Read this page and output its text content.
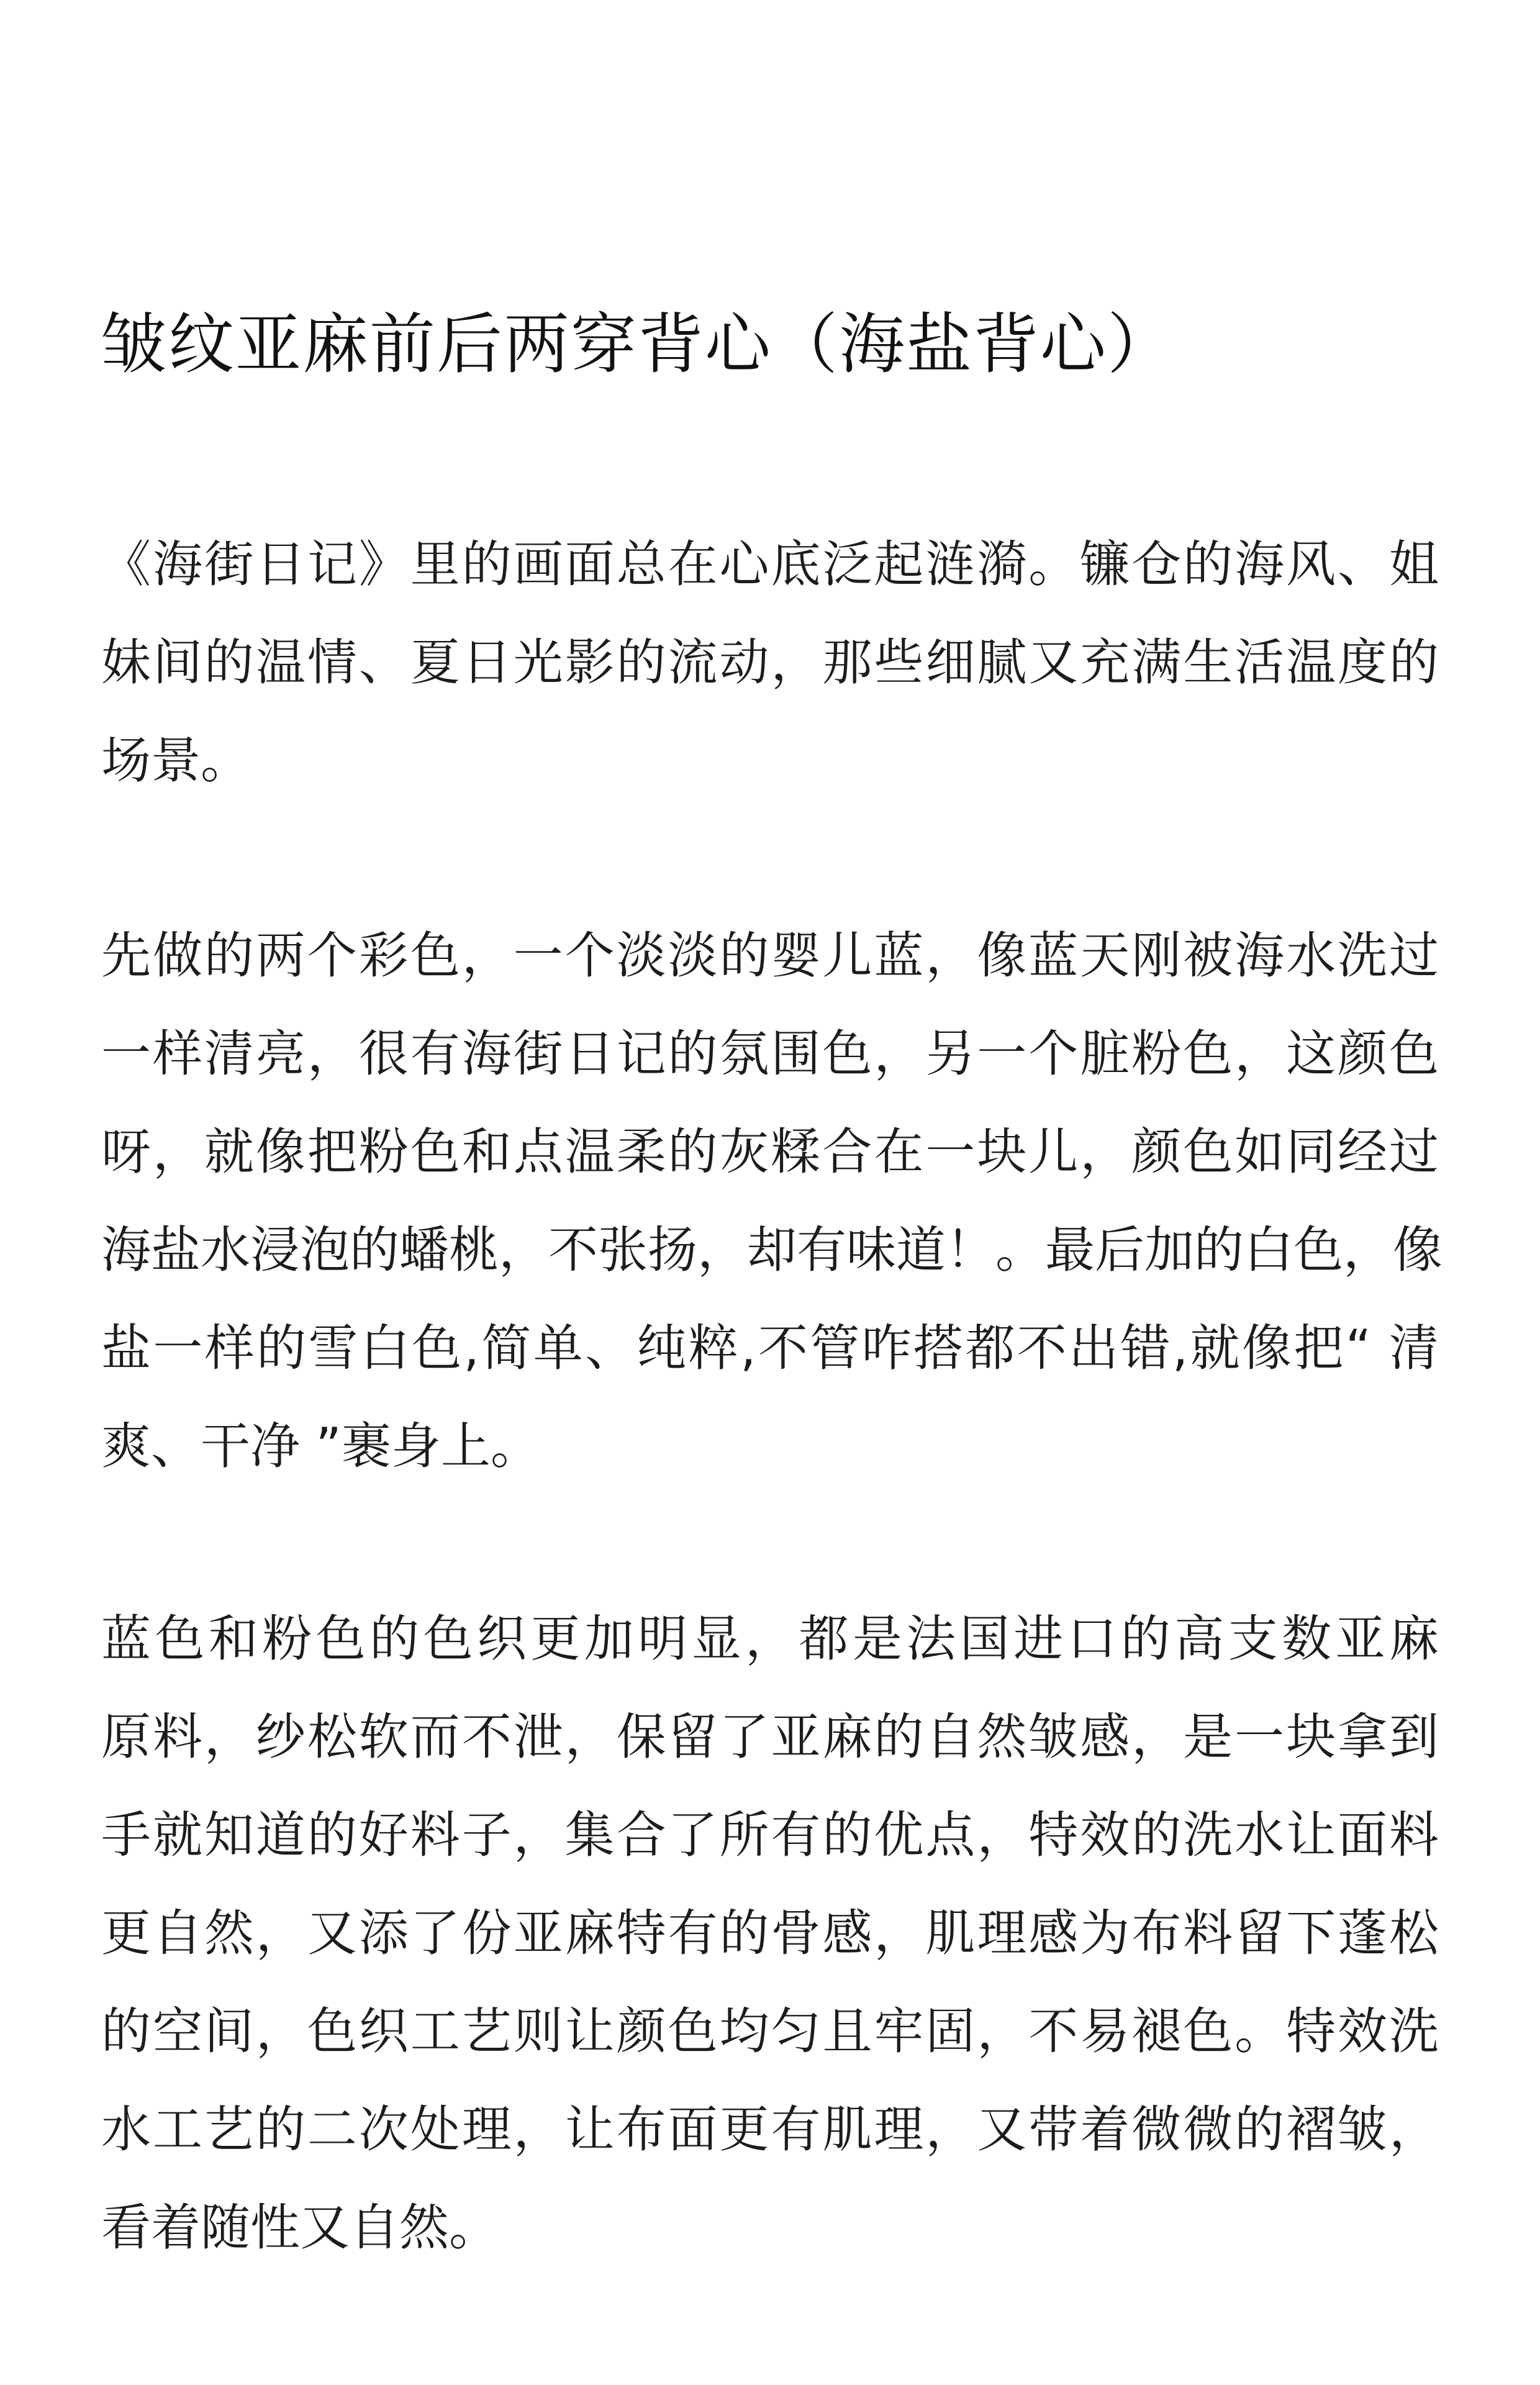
皱纹亚麻前后两穿背心（海盐背心）

《海街日记》里的画面总在心底泛起涟漪。镰仓的海风、姐
妹间的温情、夏日光影的流动，那些细腻又充满生活温度的
场景。

先做的两个彩色，一个淡淡的婴儿蓝，像蓝天刚被海水洗过
一样清亮，很有海街日记的氛围色，另一个脏粉色，这颜色
呀，就像把粉色和点温柔的灰糅合在一块儿，颜色如同经过
海盐水浸泡的蟠桃，不张扬，却有味道！。最后加的白色，像
盐一样的雪白色,简单、纯粹,不管咋搭都不出错,就像把“ 清
爽、干净 ”裹身上。

蓝色和粉色的色织更加明显，都是法国进口的高支数亚麻
原料，纱松软而不泄，保留了亚麻的自然皱感，是一块拿到
手就知道的好料子，集合了所有的优点，特效的洗水让面料
更自然，又添了份亚麻特有的骨感，肌理感为布料留下蓬松
的空间，色织工艺则让颜色均匀且牢固，不易褪色。特效洗
水工艺的二次处理，让布面更有肌理，又带着微微的褶皱，
看着随性又自然。
